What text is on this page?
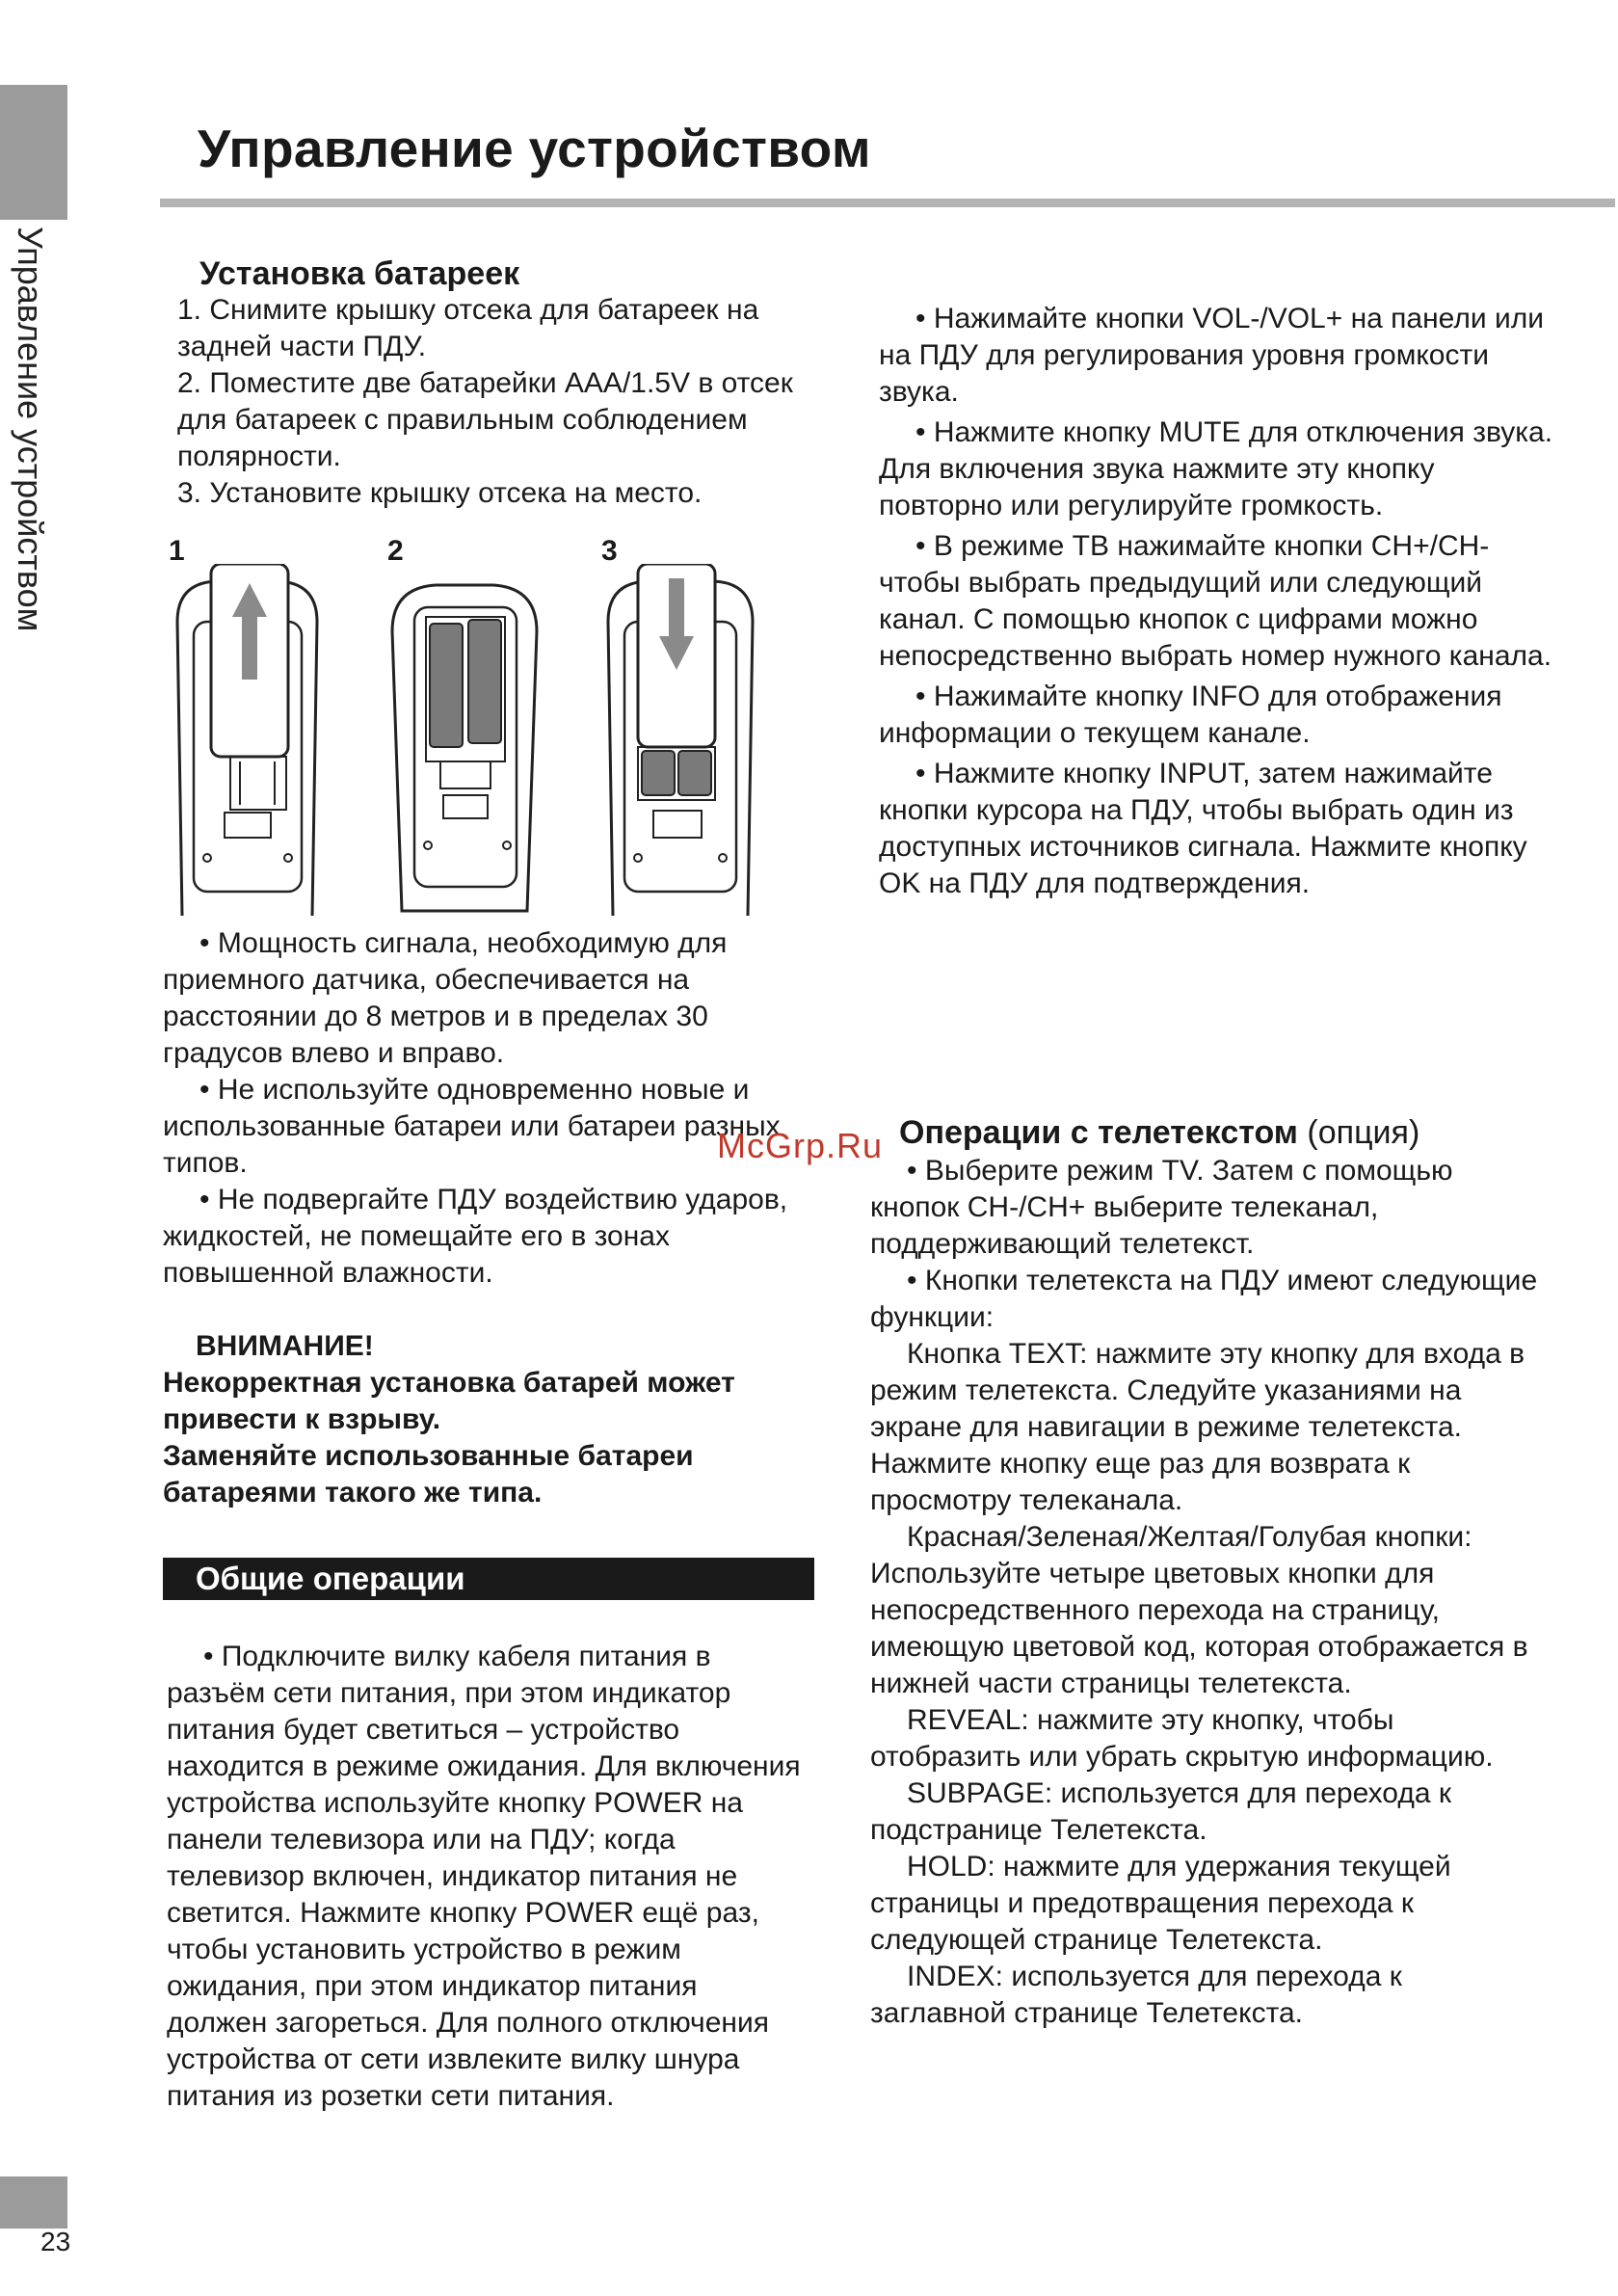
Управление устройством
23
Управление устройством

Установка батареек

1. Снимите крышку отсека для батареек на задней части ПДУ.

2. Поместите две батарейки AAA/1.5V в отсек для батареек с правильным соблюдением полярности.

3. Установите крышку отсека на место.

1	2	3

• Мощность сигнала, необходимую для приемного датчика, обеспечивается на расстоянии до 8 метров и в пределах 30 градусов влево и вправо.

• Не используйте одновременно новые и использованные батареи или батареи разных типов.

• Не подвергайте ПДУ воздействию ударов, жидкостей, не помещайте его в зонах повышенной влажности.

ВНИМАНИЕ!

Некорректная установка батарей может привести к взрыву.

Заменяйте использованные батареи батареями такого же типа.

Общие операции

• Подключите вилку кабеля питания в разъём сети питания, при этом индикатор питания будет светиться – устройство находится в режиме ожидания. Для включения устройства используйте кнопку POWER на панели телевизора или на ПДУ; когда телевизор включен, индикатор питания не светится. Нажмите кнопку POWER ещё раз, чтобы установить устройство в режим ожидания, при этом индикатор питания должен загореться. Для полного отключения устройства от сети извлеките вилку шнура питания из розетки сети питания.

• Нажимайте кнопки VOL-/VOL+ на панели или на ПДУ для регулирования уровня громкости звука.

• Нажмите кнопку MUTE для отключения звука. Для включения звука нажмите эту кнопку повторно или регулируйте громкость.

• В режиме ТВ нажимайте кнопки CH+/CH- чтобы выбрать предыдущий или следующий канал. С помощью кнопок с цифрами можно непосредственно выбрать номер нужного канала.

• Нажимайте кнопку INFO для отображения информации о текущем канале.

• Нажмите кнопку INPUT, затем нажимайте кнопки курсора на ПДУ, чтобы выбрать один из доступных источников сигнала. Нажмите кнопку OK на ПДУ для подтверждения.

Операции с телетекстом (опция)

• Выберите режим TV. Затем с помощью кнопок CH-/CH+ выберите телеканал, поддерживающий телетекст.

• Кнопки телетекста на ПДУ имеют следующие функции:

Кнопка TEXT: нажмите эту кнопку для входа в режим телетекста. Следуйте указаниями на экране для навигации в режиме телетекста. Нажмите кнопку еще раз для возврата к просмотру телеканала.

Красная/Зеленая/Желтая/Голубая кнопки: Используйте четыре цветовых кнопки для непосредственного перехода на страницу, имеющую цветовой код, которая отображается в нижней части страницы телетекста.

REVEAL: нажмите эту кнопку, чтобы отобразить или убрать скрытую информацию.

SUBPAGE: используется для перехода к подстранице Телетекста.

HOLD: нажмите для удержания текущей страницы и предотвращения перехода к следующей странице Телетекста.

INDEX: используется для перехода к заглавной странице Телетекста.

McGrp.Ru
